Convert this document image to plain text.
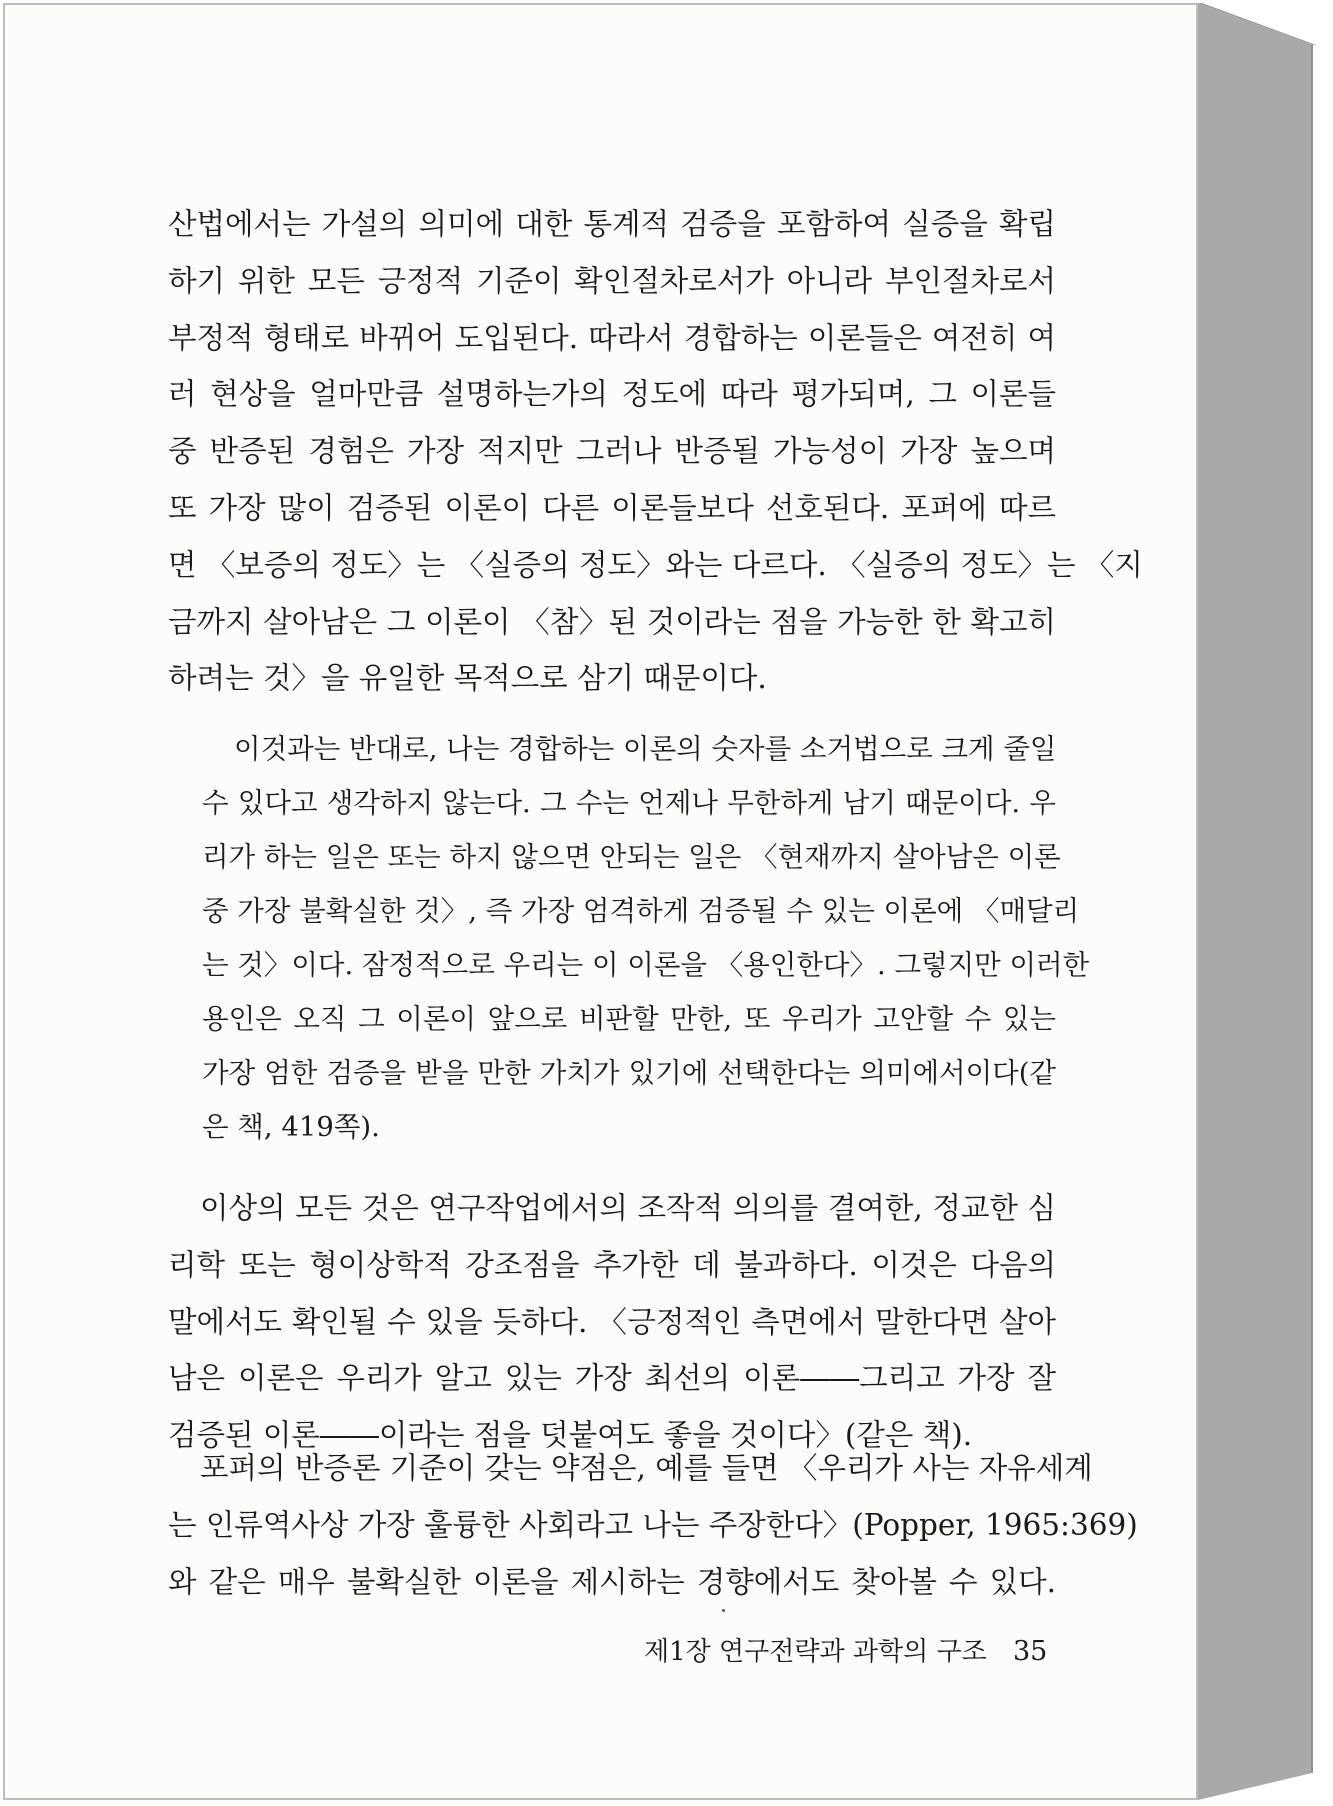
산법에서는 가설의 의미에 대한 통계적 검증을 포함하여 실증을 확립
하기 위한 모든 긍정적 기준이 확인절차로서가 아니라 부인절차로서
부정적 형태로 바뀌어 도입된다. 따라서 경합하는 이론들은 여전히 여
러 현상을 얼마만큼 설명하는가의 정도에 따라 평가되며, 그 이론들
중 반증된 경험은 가장 적지만 그러나 반증될 가능성이 가장 높으며
또 가장 많이 검증된 이론이 다른 이론들보다 선호된다. 포퍼에 따르
면 〈보증의 정도〉는 〈실증의 정도〉와는 다르다. 〈실증의 정도〉는 〈지
금까지 살아남은 그 이론이 〈참〉된 것이라는 점을 가능한 한 확고히
하려는 것〉을 유일한 목적으로 삼기 때문이다.
이것과는 반대로, 나는 경합하는 이론의 숫자를 소거법으로 크게 줄일
수 있다고 생각하지 않는다. 그 수는 언제나 무한하게 남기 때문이다. 우
리가 하는 일은 또는 하지 않으면 안되는 일은 〈현재까지 살아남은 이론
중 가장 불확실한 것〉, 즉 가장 엄격하게 검증될 수 있는 이론에 〈매달리
는 것〉이다. 잠정적으로 우리는 이 이론을 〈용인한다〉. 그렇지만 이러한
용인은 오직 그 이론이 앞으로 비판할 만한, 또 우리가 고안할 수 있는
가장 엄한 검증을 받을 만한 가치가 있기에 선택한다는 의미에서이다(같
은 책, 419쪽).
이상의 모든 것은 연구작업에서의 조작적 의의를 결여한, 정교한 심
리학 또는 형이상학적 강조점을 추가한 데 불과하다. 이것은 다음의
말에서도 확인될 수 있을 듯하다. 〈긍정적인 측면에서 말한다면 살아
남은 이론은 우리가 알고 있는 가장 최선의 이론――그리고 가장 잘
검증된 이론――이라는 점을 덧붙여도 좋을 것이다〉(같은 책).
포퍼의 반증론 기준이 갖는 약점은, 예를 들면 〈우리가 사는 자유세계
는 인류역사상 가장 훌륭한 사회라고 나는 주장한다〉(Popper, 1965:369)
와 같은 매우 불확실한 이론을 제시하는 경향에서도 찾아볼 수 있다.
제1장 연구전략과 과학의 구조 35
